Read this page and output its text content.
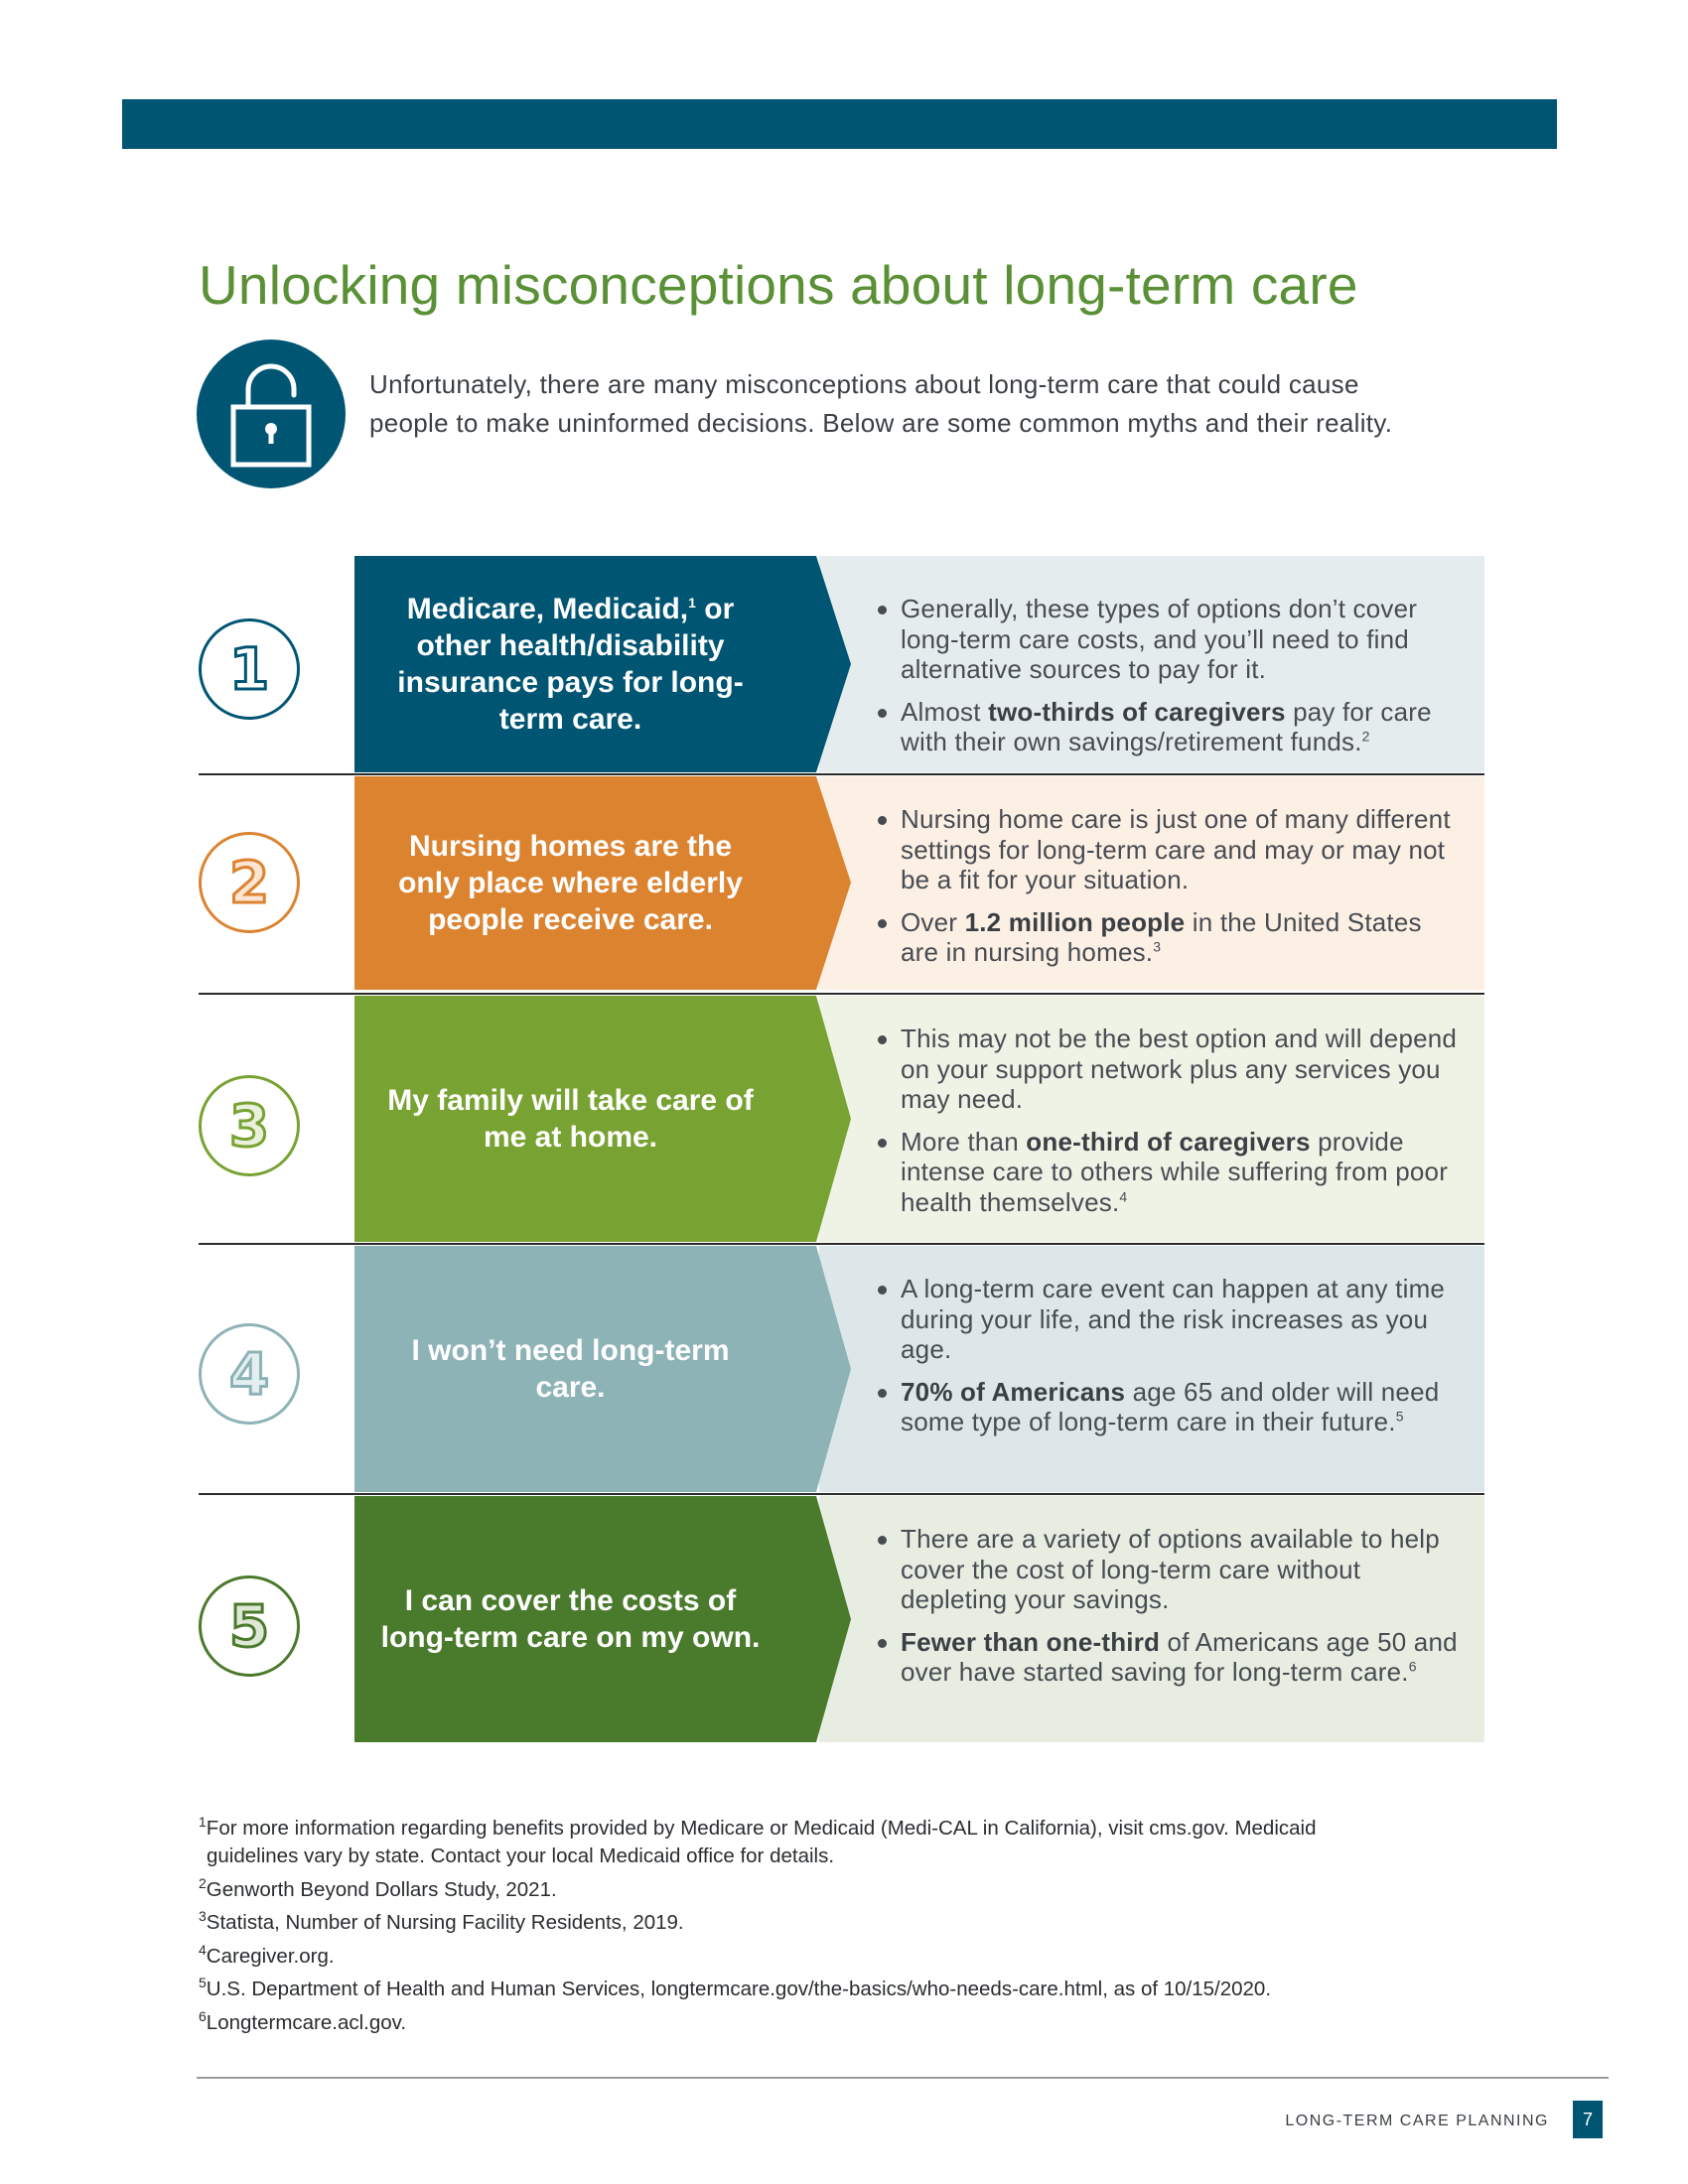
Unlocking misconceptions about long-term care

Unfortunately, there are many misconceptions about long-term care that could cause people to make uninformed decisions. Below are some common myths and their reality.

1
Generally, these types of options don’t cover long-term care costs, and you’ll need to find alternative sources to pay for it.
Almost two-thirds of caregivers pay for care with their own savings/retirement funds.$^2$
Medicare, Medicaid,$^1$ or other health/disability insurance pays for long-term care.
2
Nursing home care is just one of many different settings for long-term care and may or may not be a fit for your situation.
Over 1.2 million people in the United States are in nursing homes.$^3$
Nursing homes are the only place where elderly people receive care.
3
This may not be the best option and will depend on your support network plus any services you may need.
More than one-third of caregivers provide intense care to others while suffering from poor health themselves.$^4$
My family will take care of me at home.
4
A long-term care event can happen at any time during your life, and the risk increases as you age.
70% of Americans age 65 and older will need some type of long-term care in their future.$^5$
I won’t need long-term care.
5
There are a variety of options available to help cover the cost of long-term care without depleting your savings.
Fewer than one-third of Americans age 50 and over have started saving for long-term care.$^6$
I can cover the costs of long-term care on my own.

$^1$For more information regarding benefits provided by Medicare or Medicaid (Medi-CAL in California), visit cms.gov. Medicaid
guidelines vary by state. Contact your local Medicaid office for details.

$^2$Genworth Beyond Dollars Study, 2021.

$^3$Statista, Number of Nursing Facility Residents, 2019.

$^4$Caregiver.org.

$^5$U.S. Department of Health and Human Services, longtermcare.gov/the-basics/who-needs-care.html, as of 10/15/2020.

$^6$Longtermcare.acl.gov.

LONG-TERM CARE PLANNING	7
